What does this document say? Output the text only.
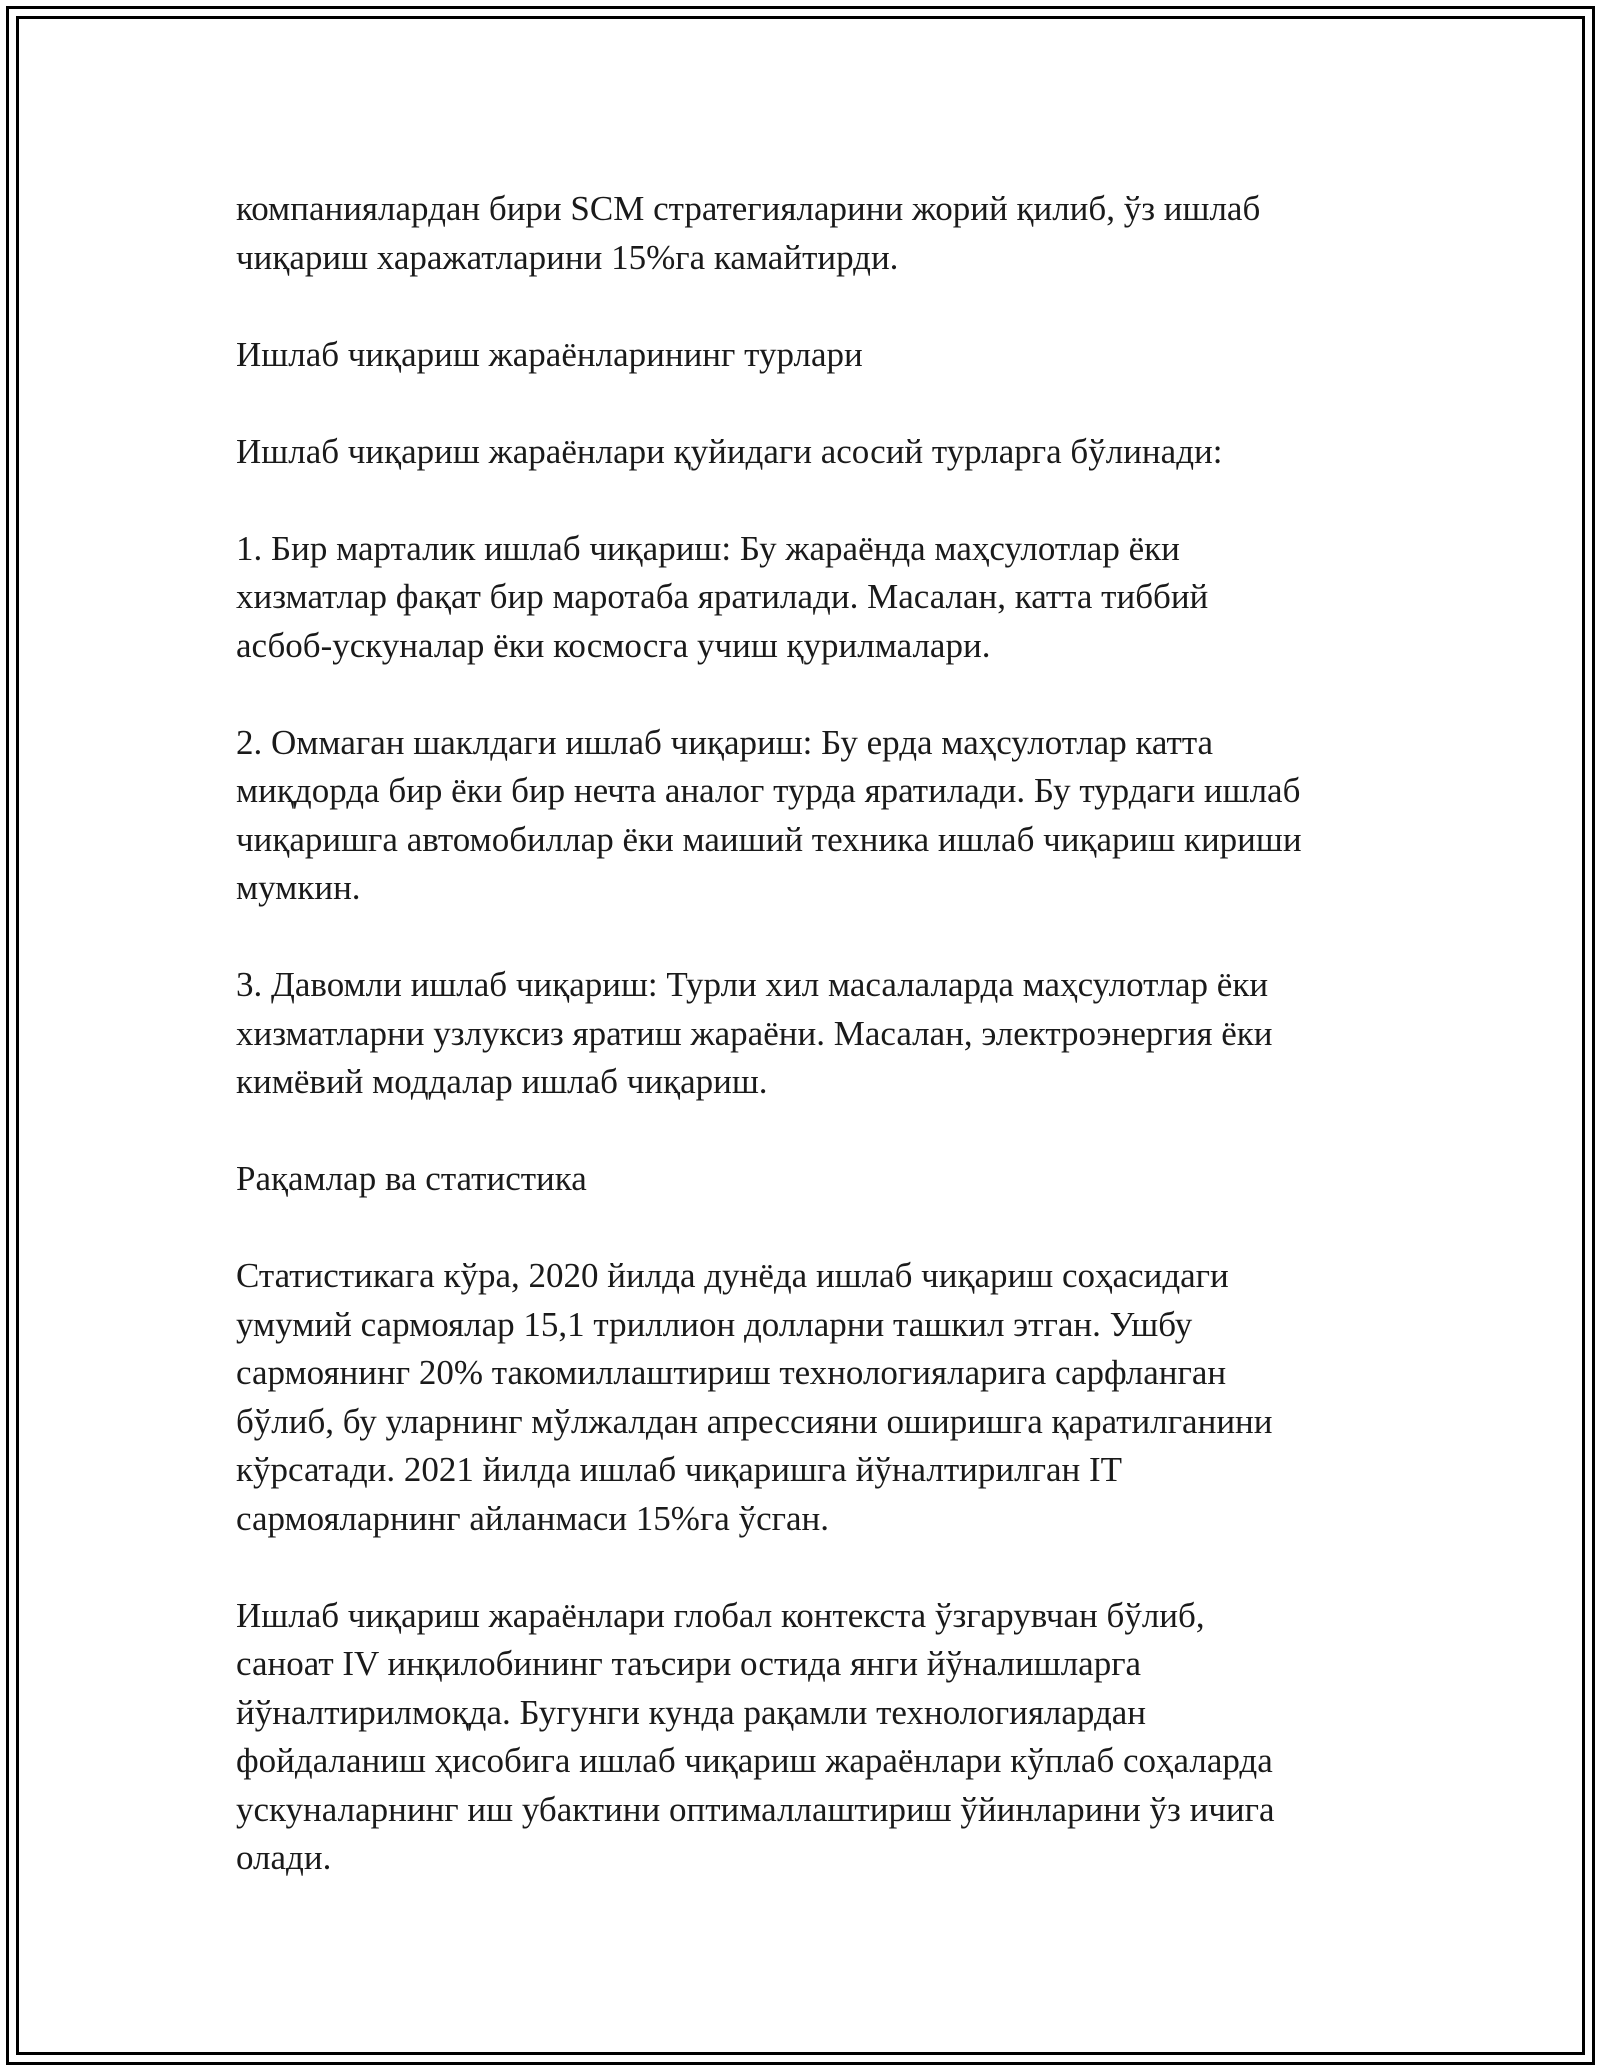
компаниялардан бири SCM стратегияларини жорий қилиб, ўз ишлаб
чиқариш харажатларини 15%га камайтирди.

Ишлаб чиқариш жараёнларининг турлари

Ишлаб чиқариш жараёнлари қуйидаги асосий турларга бўлинади:

1. Бир марталик ишлаб чиқариш: Бу жараёнда маҳсулотлар ёки
хизматлар фақат бир маротаба яратилади. Масалан, катта тиббий
асбоб-ускуналар ёки космосга учиш қурилмалари.

2. Оммаган шаклдаги ишлаб чиқариш: Бу ерда маҳсулотлар катта
миқдорда бир ёки бир нечта аналог турда яратилади. Бу турдаги ишлаб
чиқаришга автомобиллар ёки маиший техника ишлаб чиқариш кириши
мумкин.

3. Давомли ишлаб чиқариш: Турли хил масалаларда маҳсулотлар ёки
хизматларни узлуксиз яратиш жараёни. Масалан, электроэнергия ёки
кимёвий моддалар ишлаб чиқариш.

Рақамлар ва статистика

Статистикага кўра, 2020 йилда дунёда ишлаб чиқариш соҳасидаги
умумий сармоялар 15,1 триллион долларни ташкил этган. Ушбу
сармоянинг 20% такомиллаштириш технологияларига сарфланган
бўлиб, бу уларнинг мўлжалдан апрессияни оширишга қаратилганини
кўрсатади. 2021 йилда ишлаб чиқаришга йўналтирилган IT
сармояларнинг айланмаси 15%га ўсган.

Ишлаб чиқариш жараёнлари глобал контекста ўзгарувчан бўлиб,
саноат IV инқилобининг таъсири остида янги йўналишларга
йўналтирилмоқда. Бугунги кунда рақамли технологиялардан
фойдаланиш ҳисобига ишлаб чиқариш жараёнлари кўплаб соҳаларда
ускуналарнинг иш убактини оптималлаштириш ўйинларини ўз ичига
олади.
